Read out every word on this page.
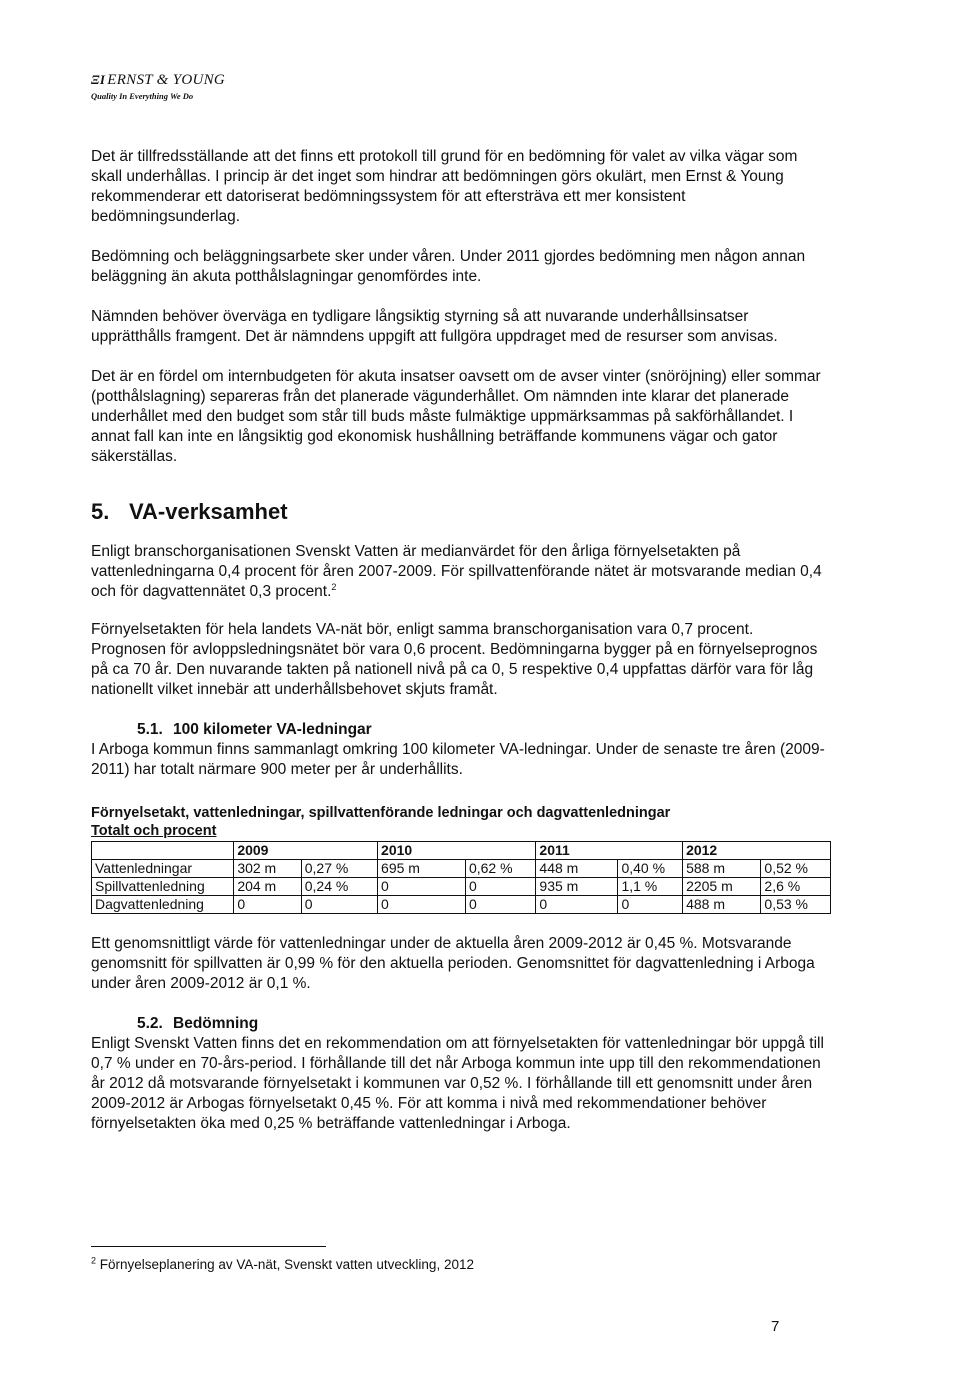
ΞΙ ERNST & YOUNG
Quality In Everything We Do

Det är tillfredsställande att det finns ett protokoll till grund för en bedömning för valet av vilka vägar som skall underhållas. I princip är det inget som hindrar att bedömningen görs okulärt, men Ernst & Young rekommenderar ett datoriserat bedömningssystem för att eftersträva ett mer konsistent bedömningsunderlag.

Bedömning och beläggningsarbete sker under våren. Under 2011 gjordes bedömning men någon annan beläggning än akuta potthålslagningar genomfördes inte.

Nämnden behöver överväga en tydligare långsiktig styrning så att nuvarande underhållsinsatser upprätthålls framgent. Det är nämndens uppgift att fullgöra uppdraget med de resurser som anvisas.

Det är en fördel om internbudgeten för akuta insatser oavsett om de avser vinter (snöröjning) eller sommar (potthålslagning) separeras från det planerade vägunderhållet. Om nämnden inte klarar det planerade underhållet med den budget som står till buds måste fulmäktige uppmärksammas på sakförhållandet. I annat fall kan inte en långsiktig god ekonomisk hushållning beträffande kommunens vägar och gator säkerställas.

5. VA-verksamhet

Enligt branschorganisationen Svenskt Vatten är medianvärdet för den årliga förnyelsetakten på vattenledningarna 0,4 procent för åren 2007-2009. För spillvattenförande nätet är motsvarande median 0,4 och för dagvattennätet 0,3 procent.$^2$

Förnyelsetakten för hela landets VA-nät bör, enligt samma branschorganisation vara 0,7 procent. Prognosen för avloppsledningsnätet bör vara 0,6 procent. Bedömningarna bygger på en förnyelseprognos på ca 70 år. Den nuvarande takten på nationell nivå på ca 0, 5 respektive 0,4 uppfattas därför vara för låg nationellt vilket innebär att underhållsbehovet skjuts framåt.

5.1. 100 kilometer VA-ledningar

I Arboga kommun finns sammanlagt omkring 100 kilometer VA-ledningar. Under de senaste tre åren (2009-2011) har totalt närmare 900 meter per år underhållits.

Förnyelsetakt, vattenledningar, spillvattenförande ledningar och dagvattenledningar
Totalt och procent
	2009		2010		2011		2012	
Vattenledningar	302 m	0,27 %	695 m	0,62 %	448 m	0,40 %	588 m	0,52 %
Spillvattenledning	204 m	0,24 %	0	0	935 m	1,1 %	2205 m	2,6 %
Dagvattenledning	0	0	0	0	0	0	488 m	0,53 %

Ett genomsnittligt värde för vattenledningar under de aktuella åren 2009-2012 är 0,45 %. Motsvarande genomsnitt för spillvatten är 0,99 % för den aktuella perioden. Genomsnittet för dagvattenledning i Arboga under åren 2009-2012 är 0,1 %.

5.2. Bedömning

Enligt Svenskt Vatten finns det en rekommendation om att förnyelsetakten för vattenledningar bör uppgå till 0,7 % under en 70-års-period. I förhållande till det når Arboga kommun inte upp till den rekommendationen år 2012 då motsvarande förnyelsetakt i kommunen var 0,52 %. I förhållande till ett genomsnitt under åren 2009-2012 är Arbogas förnyelsetakt 0,45 %. För att komma i nivå med rekommendationer behöver förnyelsetakten öka med 0,25 % beträffande vattenledningar i Arboga.

$^2$ Förnyelseplanering av VA-nät, Svenskt vatten utveckling, 2012
7
